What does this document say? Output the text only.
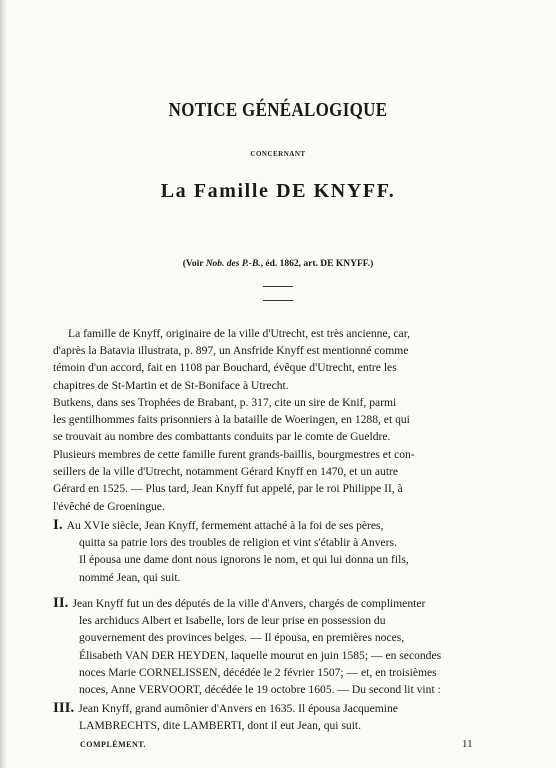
NOTICE GÉNÉALOGIQUE
CONCERNANT
La Famille DE KNYFF.
(Voir Nob. des P.-B., éd. 1862, art. DE KNYFF.)
La famille de Knyff, originaire de la ville d'Utrecht, est très ancienne, car,
d'après la Batavia illustrata, p. 897, un Ansfride Knyff est mentionné comme
témoin d'un accord, fait en 1108 par Bouchard, évêque d'Utrecht, entre les
chapitres de St-Martin et de St-Boniface à Utrecht.
Butkens, dans ses Trophées de Brabant, p. 317, cite un sire de Knif, parmi
les gentilhommes faits prisonniers à la bataille de Woeringen, en 1288, et qui
se trouvait au nombre des combattants conduits par le comte de Gueldre.
Plusieurs membres de cette famille furent grands-baillis, bourgmestres et con-
seillers de la ville d'Utrecht, notamment Gérard Knyff en 1470, et un autre
Gérard en 1525. — Plus tard, Jean Knyff fut appelé, par le roi Philippe II, à
l'évêché de Groeningue.
I. Au XVIe siècle, Jean Knyff, fermement attaché à la foi de ses pères,
quitta sa patrie lors des troubles de religion et vint s'établir à Anvers.
Il épousa une dame dont nous ignorons le nom, et qui lui donna un fils,
nommé Jean, qui suit.
II. Jean Knyff fut un des députés de la ville d'Anvers, chargés de complimenter
les archiducs Albert et Isabelle, lors de leur prise en possession du
gouvernement des provinces belges. — Il épousa, en premières noces,
Élisabeth VAN DER HEYDEN, laquelle mourut en juin 1585; — en secondes
noces Marie CORNELISSEN, décédée le 2 février 1507; — et, en troisièmes
noces, Anne VERVOORT, décédée le 19 octobre 1605. — Du second lit vint :
III. Jean Knyff, grand aumônier d'Anvers en 1635. Il épousa Jacquemine
LAMBRECHTS, dite LAMBERTI, dont il eut Jean, qui suit.
COMPLÉMENT.	11
